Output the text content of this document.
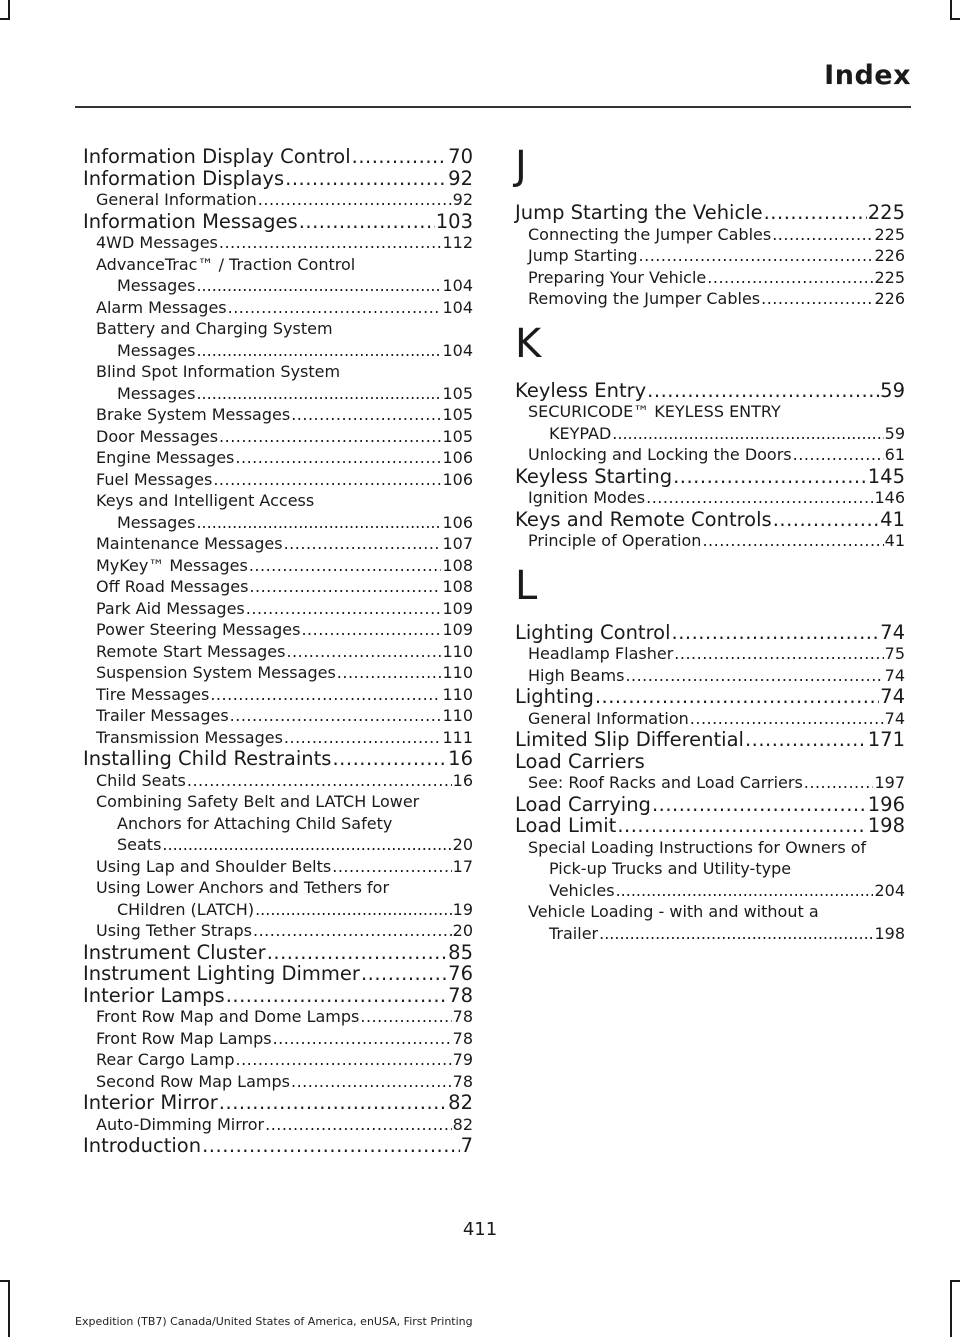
Index
Information Display Control .....	70
Information Displays .....	92
General Information .....	92
Information Messages .....	103
4WD Messages .....	112
AdvanceTrac™ / Traction Control
Messages .....	104
Alarm Messages .....	104
Battery and Charging System
Messages .....	104
Blind Spot Information System
Messages .....	105
Brake System Messages .....	105
Door Messages .....	105
Engine Messages .....	106
Fuel Messages .....	106
Keys and Intelligent Access
Messages .....	106
Maintenance Messages .....	107
MyKey™ Messages .....	108
Off Road Messages .....	108
Park Aid Messages .....	109
Power Steering Messages .....	109
Remote Start Messages .....	110
Suspension System Messages .....	110
Tire Messages .....	110
Trailer Messages .....	110
Transmission Messages .....	111
Installing Child Restraints .....	16
Child Seats .....	16
Combining Safety Belt and LATCH Lower
Anchors for Attaching Child Safety
Seats .....	20
Using Lap and Shoulder Belts .....	17
Using Lower Anchors and Tethers for
CHildren (LATCH) .....	19
Using Tether Straps .....	20
Instrument Cluster .....	85
Instrument Lighting Dimmer .....	76
Interior Lamps .....	78
Front Row Map and Dome Lamps .....	78
Front Row Map Lamps .....	78
Rear Cargo Lamp .....	79
Second Row Map Lamps .....	78
Interior Mirror .....	82
Auto-Dimming Mirror .....	82
Introduction .....	7
J
Jump Starting the Vehicle .....	225
Connecting the Jumper Cables .....	225
Jump Starting .....	226
Preparing Your Vehicle .....	225
Removing the Jumper Cables .....	226
K
Keyless Entry .....	59
SECURICODE™ KEYLESS ENTRY
KEYPAD .....	59
Unlocking and Locking the Doors .....	61
Keyless Starting .....	145
Ignition Modes .....	146
Keys and Remote Controls .....	41
Principle of Operation .....	41
L
Lighting Control .....	74
Headlamp Flasher .....	75
High Beams .....	74
Lighting .....	74
General Information .....	74
Limited Slip Differential .....	171
Load Carriers
See: Roof Racks and Load Carriers .....	197
Load Carrying .....	196
Load Limit .....	198
Special Loading Instructions for Owners of
Pick-up Trucks and Utility-type
Vehicles .....	204
Vehicle Loading - with and without a
Trailer .....	198
411
Expedition (TB7) Canada/United States of America, enUSA, First Printing
